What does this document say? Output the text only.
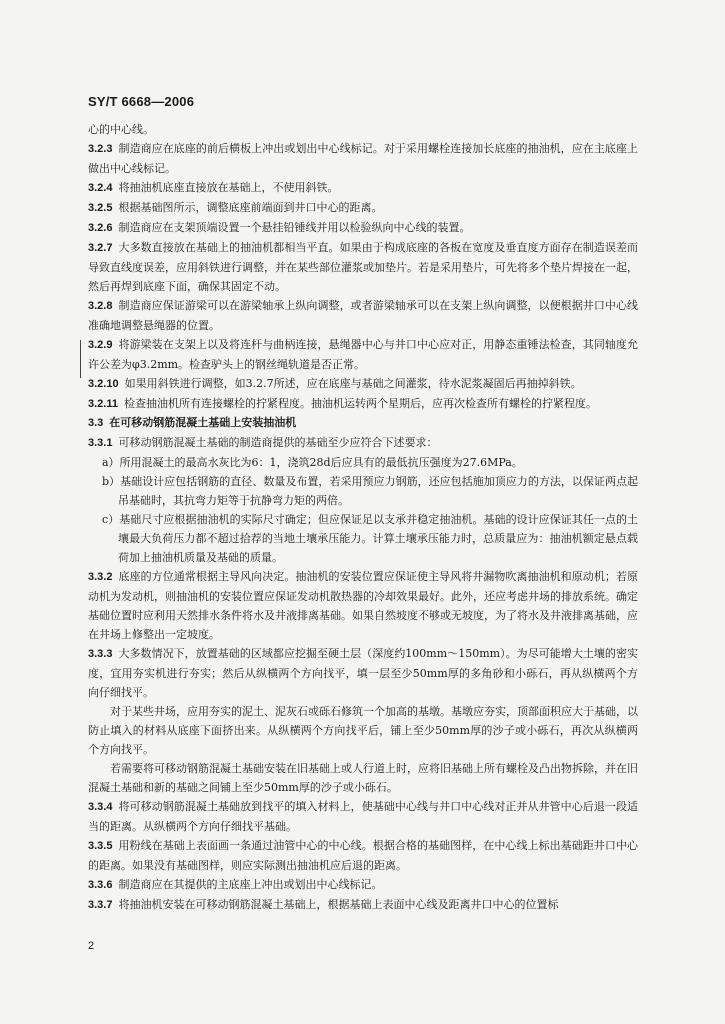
SY/T 6668—2006

心的中心线。

3.2.3 制造商应在底座的前后横板上冲出或划出中心线标记。对于采用螺栓连接加长底座的抽油机，应在主底座上做出中心线标记。

3.2.4 将抽油机底座直接放在基础上，不使用斜铁。

3.2.5 根据基础图所示，调整底座前端面到井口中心的距离。

3.2.6 制造商应在支架顶端设置一个悬挂铅锤线并用以检验纵向中心线的装置。

3.2.7 大多数直接放在基础上的抽油机都相当平直。如果由于构成底座的各板在宽度及垂直度方面存在制造误差而导致直线度误差，应用斜铁进行调整，并在某些部位灌浆或加垫片。若是采用垫片，可先将多个垫片焊接在一起，然后再焊到底座下面，确保其固定不动。

3.2.8 制造商应保证游梁可以在游梁轴承上纵向调整，或者游梁轴承可以在支架上纵向调整，以便根据井口中心线准确地调整悬绳器的位置。

3.2.9 将游梁装在支架上以及将连杆与曲柄连接，悬绳器中心与井口中心应对正，用静态重锤法检查，其同轴度允许公差为φ3.2mm。检查驴头上的钢丝绳轨道是否正常。

3.2.10 如果用斜铁进行调整，如3.2.7所述，应在底座与基础之间灌浆，待水泥浆凝固后再抽掉斜铁。

3.2.11 检查抽油机所有连接螺栓的拧紧程度。抽油机运转两个星期后，应再次检查所有螺栓的拧紧程度。

3.3 在可移动钢筋混凝土基础上安装抽油机

3.3.1 可移动钢筋混凝土基础的制造商提供的基础至少应符合下述要求：

a）所用混凝土的最高水灰比为6：1，浇筑28d后应具有的最低抗压强度为27.6MPa。

b）基础设计应包括钢筋的直径、数量及布置，若采用预应力钢筋，还应包括施加顶应力的方法，以保证两点起吊基础时，其抗弯力矩等于抗静弯力矩的两倍。

c）基础尺寸应根据抽油机的实际尺寸确定；但应保证足以支承并稳定抽油机。基础的设计应保证其任一点的土壤最大负荷压力都不超过拾荐的当地土壤承压能力。计算土壤承压能力时，总质量应为：抽油机额定悬点载荷加上抽油机质量及基础的质量。

3.3.2 底座的方位通常根据主导风向决定。抽油机的安装位置应保证使主导风将井漏物吹离抽油机和原动机；若原动机为发动机，则抽油机的安装位置应保证发动机散热器的冷却效果最好。此外，还应考虑井场的排放系统。确定基础位置时应利用天然排水条件将水及井液排离基础。如果自然坡度不够或无坡度，为了将水及井液排离基础，应在井场上修整出一定坡度。

3.3.3 大多数情况下，放置基础的区域都应挖掘至硬土层（深度约100mm～150mm）。为尽可能增大土壤的密实度，宜用夯实机进行夯实；然后从纵横两个方向找平，填一层至少50mm厚的多角砂和小砾石，再从纵横两个方向仔细找平。

对于某些井场，应用夯实的泥土、泥灰石或砾石修筑一个加高的基墩。基墩应夯实，顶部面积应大于基础，以防止填入的材料从底座下面挤出来。从纵横两个方向找平后，铺上至少50mm厚的沙子或小砾石，再次从纵横两个方向找平。

若需要将可移动钢筋混凝土基础安装在旧基础上或人行道上时，应将旧基础上所有螺栓及凸出物拆除，并在旧混凝土基础和新的基础之间铺上至少50mm厚的沙子或小砾石。

3.3.4 将可移动钢筋混凝土基础放到找平的填入材料上，使基础中心线与井口中心线对正并从井管中心后退一段适当的距离。从纵横两个方向仔细找平基础。

3.3.5 用粉线在基础上表面画一条通过油管中心的中心线。根据合格的基础图样，在中心线上标出基础距井口中心的距离。如果没有基础图样，则应实际测出抽油机应后退的距离。

3.3.6 制造商应在其提供的主底座上冲出或划出中心线标记。

3.3.7 将抽油机安装在可移动钢筋混凝土基础上，根据基础上表面中心线及距离井口中心的位置标

2
